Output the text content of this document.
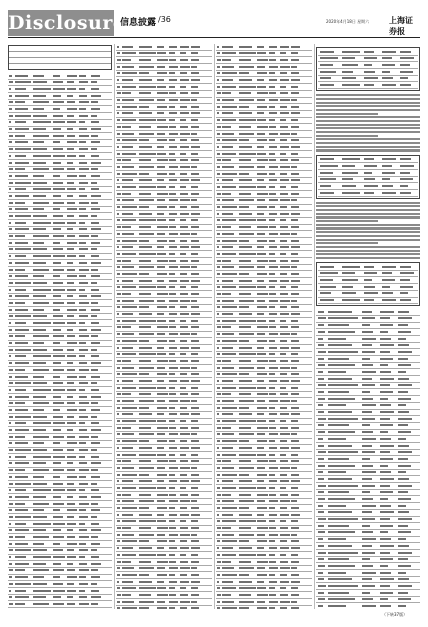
Disclosure
信息披露 /36	2020年4月18日 星期六 上海证券报
（下转37版）
